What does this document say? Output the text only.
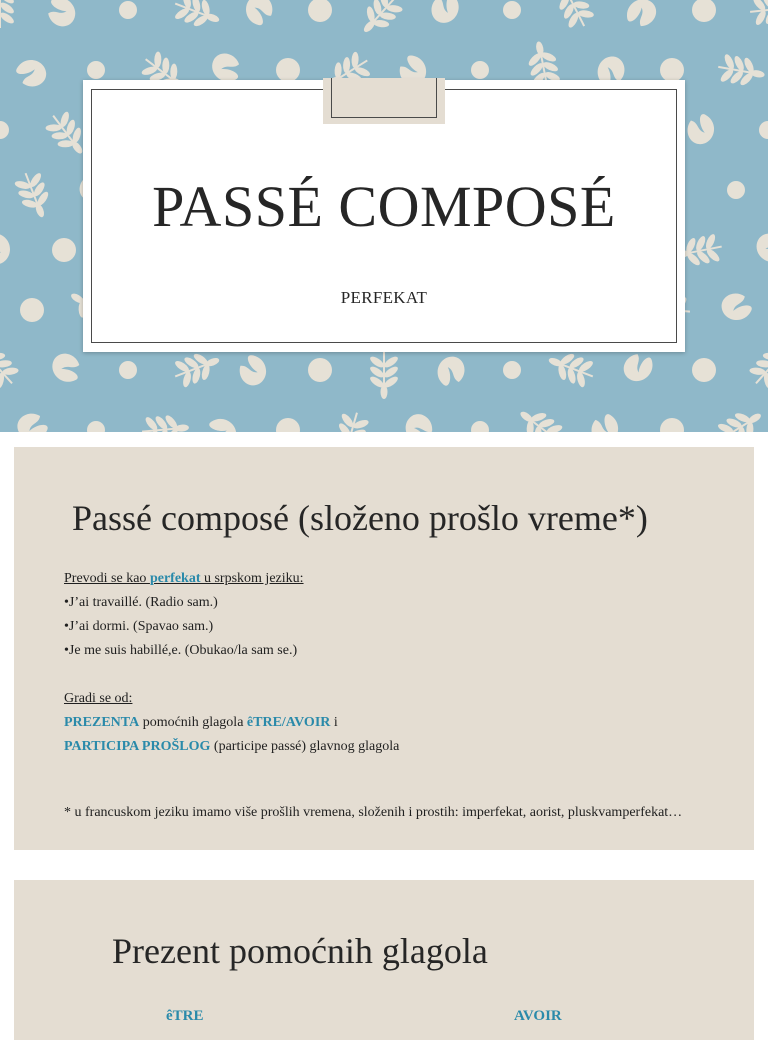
PASSÉ COMPOSÉ
PERFEKAT
Passé composé (složeno prošlo vreme*)
Prevodi se kao perfekat u srpskom jeziku:
•J’ai travaillé. (Radio sam.)
•J’ai dormi. (Spavao sam.)
•Je me suis habillé,e. (Obukao/la sam se.)
Gradi se od:
PREZENTA pomoćnih glagola êTRE/AVOIR i
PARTICIPA PROŠLOG (participe passé) glavnog glagola
* u francuskom jeziku imamo više prošlih vremena, složenih i prostih: imperfekat, aorist, pluskvamperfekat…
Prezent pomoćnih glagola
êTRE	AVOIR
